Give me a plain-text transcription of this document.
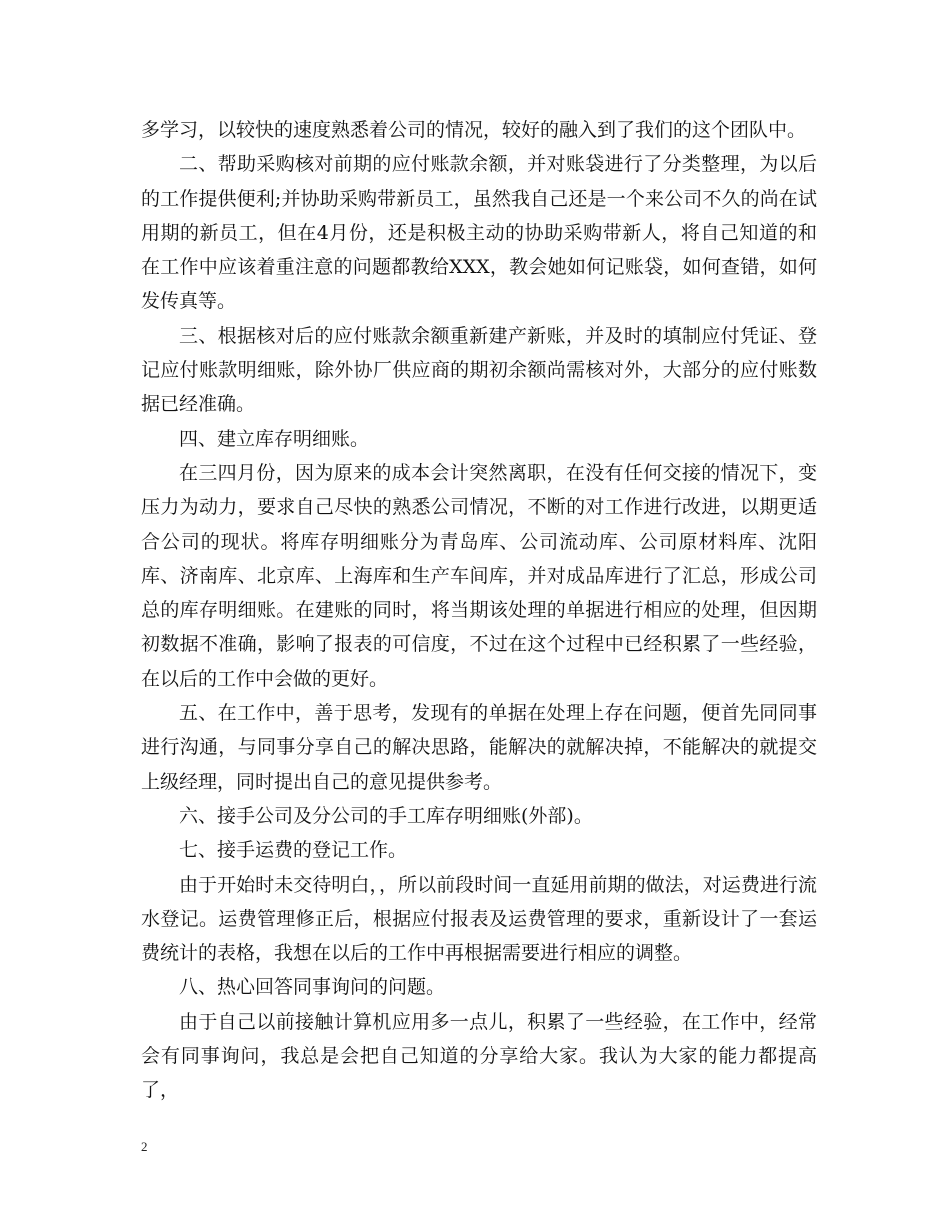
多学习，以较快的速度熟悉着公司的情况，较好的融入到了我们的这个团队中。

二、帮助采购核对前期的应付账款余额，并对账袋进行了分类整理，为以后的工作提供便利;并协助采购带新员工，虽然我自己还是一个来公司不久的尚在试用期的新员工，但在4月份，还是积极主动的协助采购带新人，将自己知道的和在工作中应该着重注意的问题都教给XXX，教会她如何记账袋，如何查错，如何发传真等。

三、根据核对后的应付账款余额重新建产新账，并及时的填制应付凭证、登记应付账款明细账，除外协厂供应商的期初余额尚需核对外，大部分的应付账数据已经准确。

四、建立库存明细账。

在三四月份，因为原来的成本会计突然离职，在没有任何交接的情况下，变压力为动力，要求自己尽快的熟悉公司情况，不断的对工作进行改进，以期更适合公司的现状。将库存明细账分为青岛库、公司流动库、公司原材料库、沈阳库、济南库、北京库、上海库和生产车间库，并对成品库进行了汇总，形成公司总的库存明细账。在建账的同时，将当期该处理的单据进行相应的处理，但因期初数据不准确，影响了报表的可信度，不过在这个过程中已经积累了一些经验，在以后的工作中会做的更好。

五、在工作中，善于思考，发现有的单据在处理上存在问题，便首先同同事进行沟通，与同事分享自己的解决思路，能解决的就解决掉，不能解决的就提交上级经理，同时提出自己的意见提供参考。

六、接手公司及分公司的手工库存明细账(外部)。

七、接手运费的登记工作。

由于开始时未交待明白，，所以前段时间一直延用前期的做法，对运费进行流水登记。运费管理修正后，根据应付报表及运费管理的要求，重新设计了一套运费统计的表格，我想在以后的工作中再根据需要进行相应的调整。

八、热心回答同事询问的问题。

由于自己以前接触计算机应用多一点儿，积累了一些经验，在工作中，经常会有同事询问，我总是会把自己知道的分享给大家。我认为大家的能力都提高了，

2
